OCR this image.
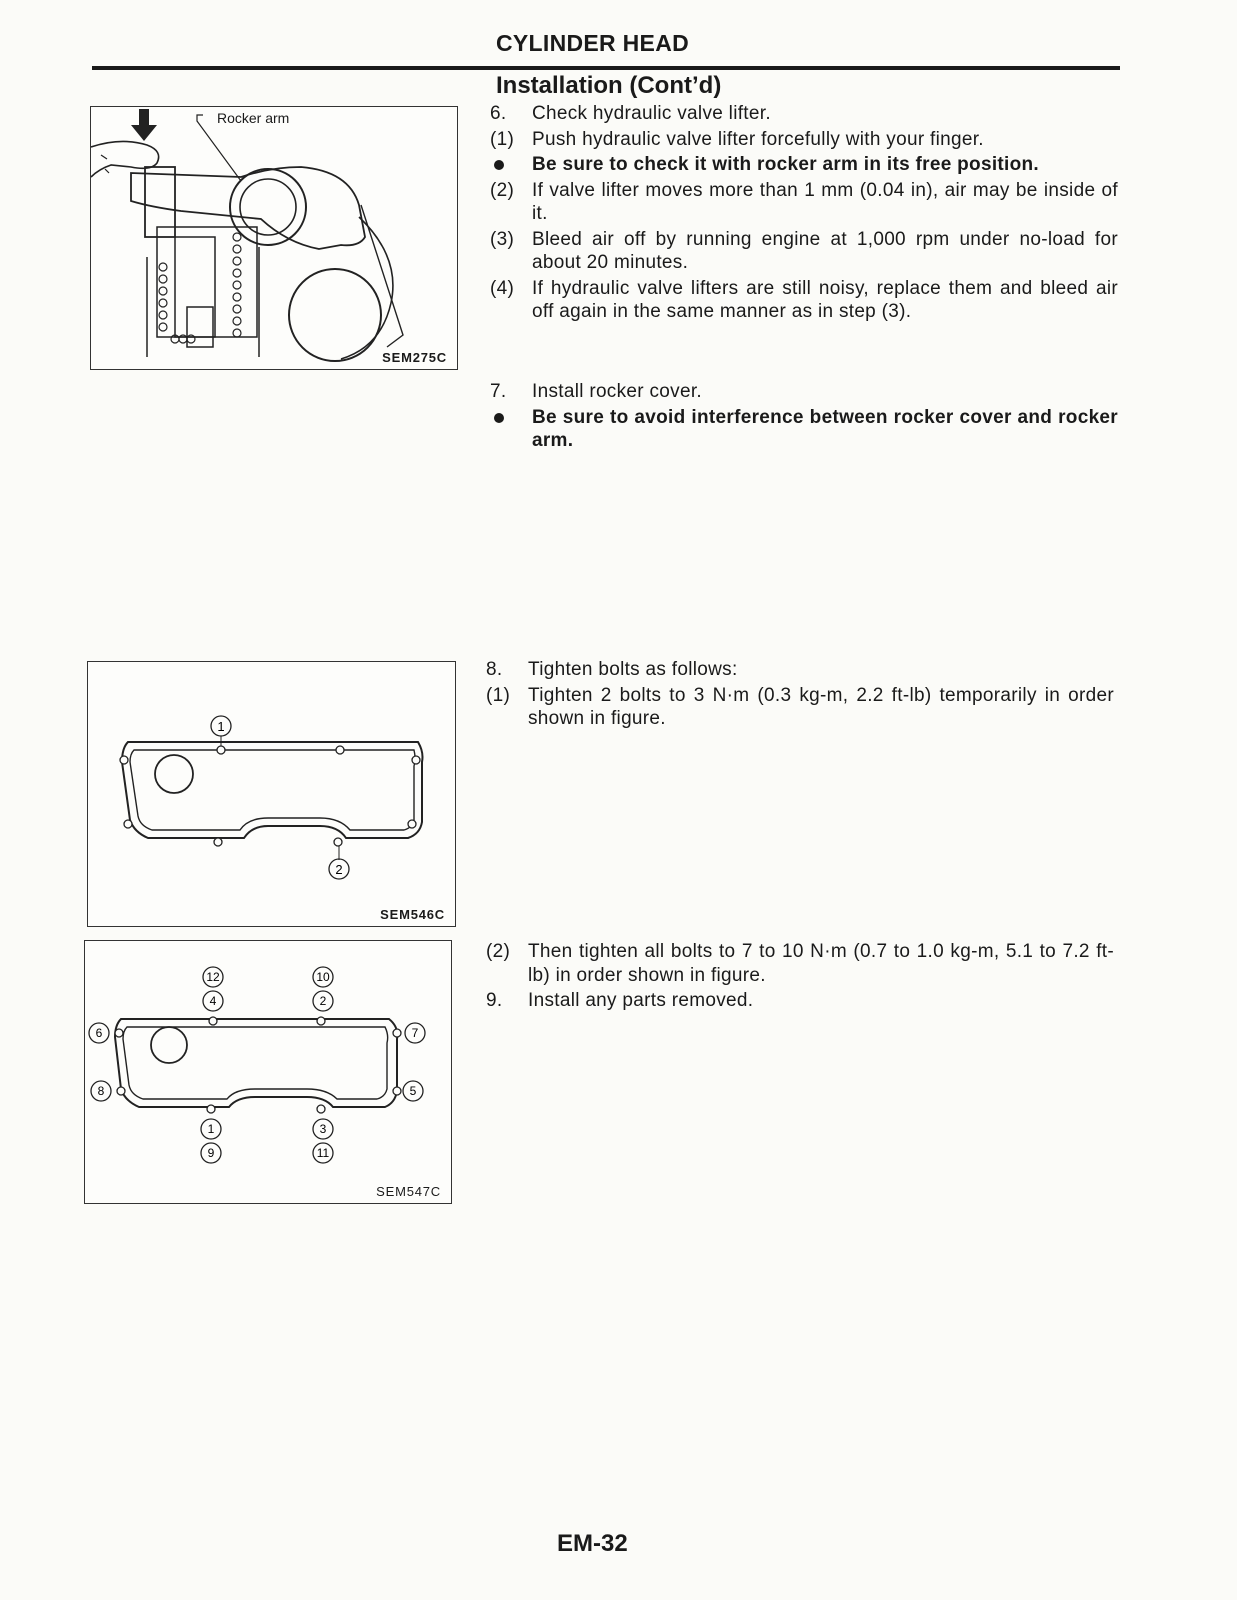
CYLINDER HEAD
Installation (Cont’d)
6.	Check hydraulic valve lifter.
(1) Push hydraulic valve lifter forcefully with your finger.
Be sure to check it with rocker arm in its free position.
(2) If valve lifter moves more than 1 mm (0.04 in), air may be inside of it.
(3) Bleed air off by running engine at 1,000 rpm under no-load for about 20 minutes.
(4) If hydraulic valve lifters are still noisy, replace them and bleed air off again in the same manner as in step (3).
7.	Install rocker cover.
Be sure to avoid interference between rocker cover and rocker arm.
8.	Tighten bolts as follows:
(1) Tighten 2 bolts to 3 N·m (0.3 kg-m, 2.2 ft-lb) temporarily in order shown in figure.
(2) Then tighten all bolts to 7 to 10 N·m (0.7 to 1.0 kg-m, 5.1 to 7.2 ft-lb) in order shown in figure.
9.	Install any parts removed.
Rocker arm
SEM275C
1
2
SEM546C
12
4
10
2
6	7
8	5
1
9
3
11
SEM547C
EM-32
